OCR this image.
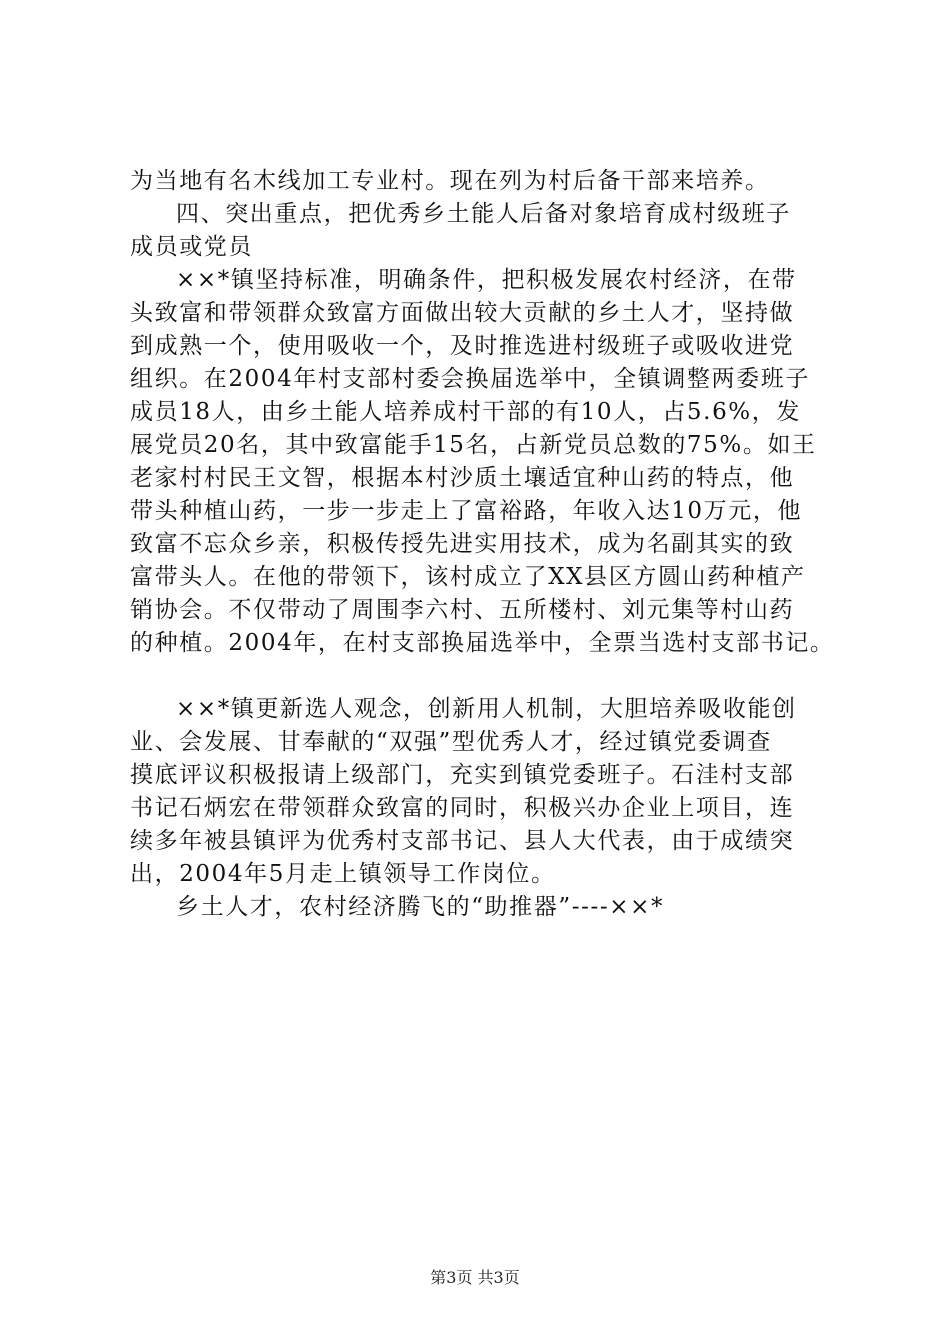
为当地有名木线加工专业村。现在列为村后备干部来培养。
四、突出重点，把优秀乡土能人后备对象培育成村级班子
成员或党员
××*镇坚持标准，明确条件，把积极发展农村经济，在带
头致富和带领群众致富方面做出较大贡献的乡土人才，坚持做
到成熟一个，使用吸收一个，及时推选进村级班子或吸收进党
组织。在2004年村支部村委会换届选举中，全镇调整两委班子
成员18人，由乡土能人培养成村干部的有10人，占5.6%，发
展党员20名，其中致富能手15名，占新党员总数的75%。如王
老家村村民王文智，根据本村沙质土壤适宜种山药的特点，他
带头种植山药，一步一步走上了富裕路，年收入达10万元，他
致富不忘众乡亲，积极传授先进实用技术，成为名副其实的致
富带头人。在他的带领下，该村成立了XX县区方圆山药种植产
销协会。不仅带动了周围李六村、五所楼村、刘元集等村山药
的种植。2004年，在村支部换届选举中，全票当选村支部书记。
××*镇更新选人观念，创新用人机制，大胆培养吸收能创
业、会发展、甘奉献的“双强”型优秀人才，经过镇党委调查
摸底评议积极报请上级部门，充实到镇党委班子。石洼村支部
书记石炳宏在带领群众致富的同时，积极兴办企业上项目，连
续多年被县镇评为优秀村支部书记、县人大代表，由于成绩突
出，2004年5月走上镇领导工作岗位。
乡土人才，农村经济腾飞的“助推器”----××*
第3页 共3页
